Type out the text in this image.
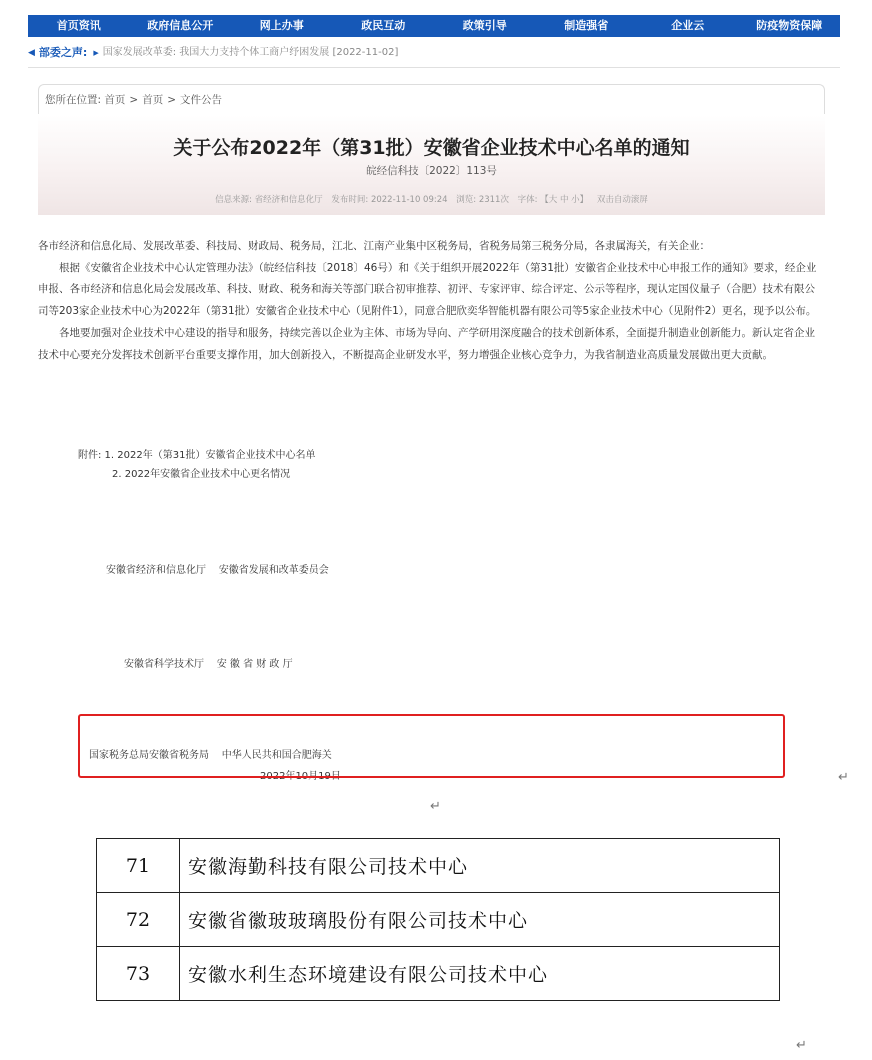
首页资讯	政府信息公开	网上办事	政民互动	政策引导	制造强省	企业云	防疫物资保障
◀ 部委之声: ▶ 国家发展改革委: 我国大力支持个体工商户纾困发展 [2022-11-02]
您所在位置: 首页 > 首页 > 文件公告
关于公布2022年（第31批）安徽省企业技术中心名单的通知
皖经信科技〔2022〕113号
信息来源: 省经济和信息化厅 发布时间: 2022-11-10 09:24 浏览: 2311次 字体: 【大 中 小】 双击自动滚屏

各市经济和信息化局、发展改革委、科技局、财政局、税务局，江北、江南产业集中区税务局，省税务局第三税务分局，各隶属海关，有关企业：

根据《安徽省企业技术中心认定管理办法》（皖经信科技〔2018〕46号）和《关于组织开展2022年（第31批）安徽省企业技术中心申报工作的通知》要求，经企业申报、各市经济和信息化局会发展改革、科技、财政、税务和海关等部门联合初审推荐、初评、专家评审、综合评定、公示等程序，现认定国仪量子（合肥）技术有限公司等203家企业技术中心为2022年（第31批）安徽省企业技术中心（见附件1），同意合肥欣奕华智能机器有限公司等5家企业技术中心（见附件2）更名，现予以公布。

各地要加强对企业技术中心建设的指导和服务，持续完善以企业为主体、市场为导向、产学研用深度融合的技术创新体系，全面提升制造业创新能力。新认定省企业技术中心要充分发挥技术创新平台重要支撑作用，加大创新投入，不断提高企业研发水平，努力增强企业核心竞争力，为我省制造业高质量发展做出更大贡献。

附件: 1. 2022年（第31批）安徽省企业技术中心名单
2. 2022年安徽省企业技术中心更名情况
安徽省经济和信息化厅    安徽省发展和改革委员会
安徽省科学技术厅    安 徽 省 财 政 厅
国家税务总局安徽省税务局    中华人民共和国合肥海关
2022年10月19日	↵
↵
↵
71	安徽海勤科技有限公司技术中心
72	安徽省徽玻玻璃股份有限公司技术中心
73	安徽水利生态环境建设有限公司技术中心
